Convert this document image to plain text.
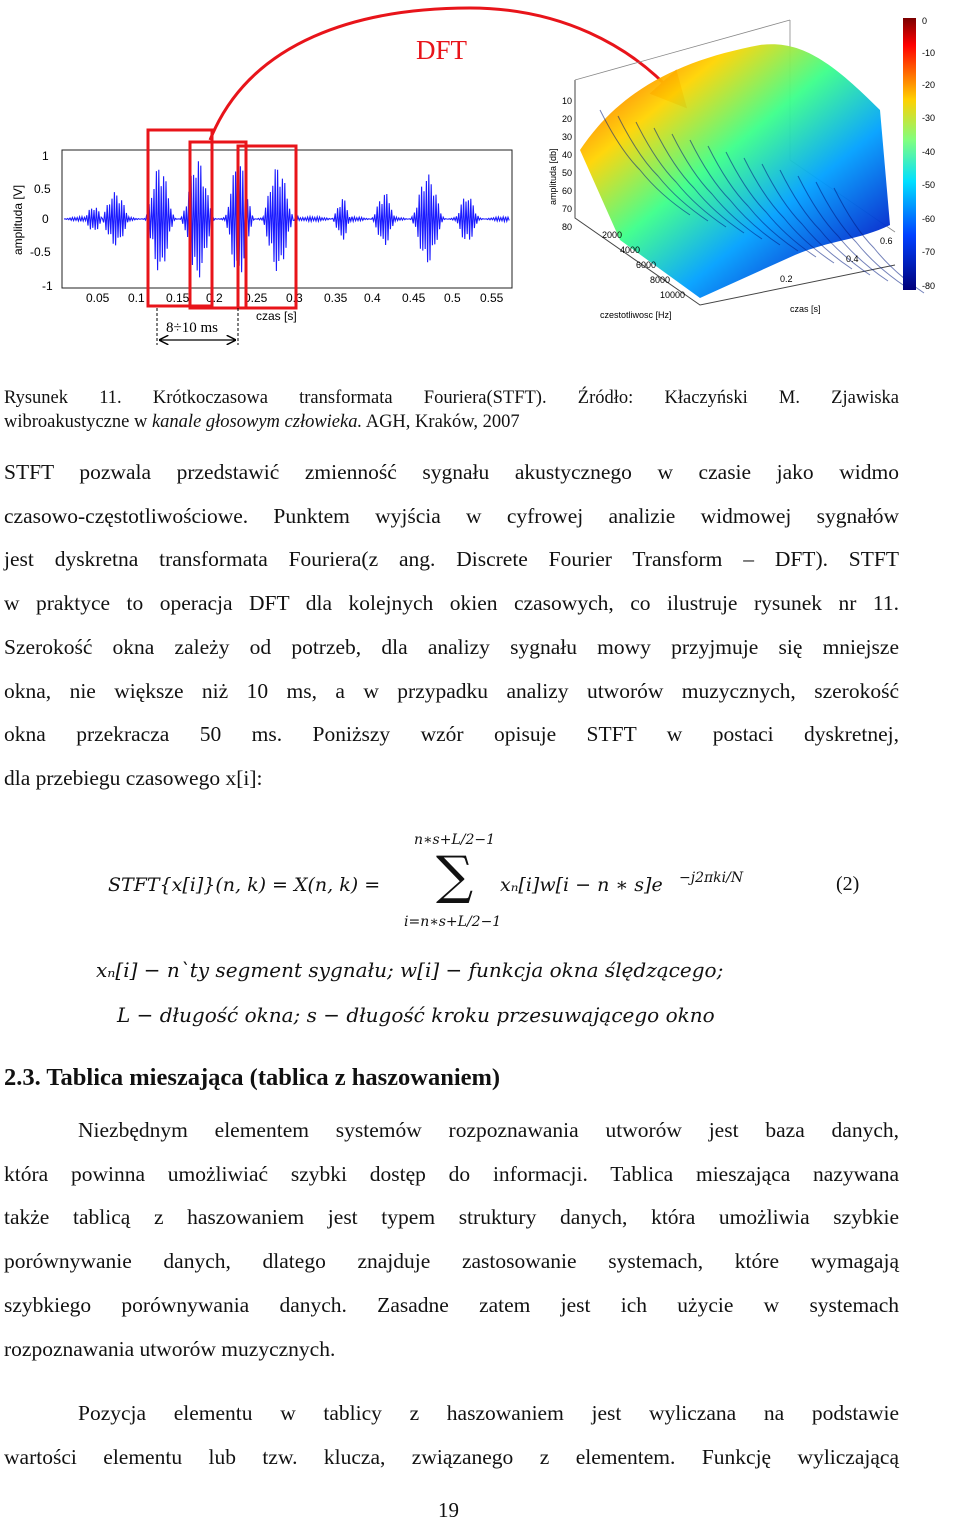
DFT
1
0.5
0
-0.5
-1
amplituda [V]
0.05 0.1 0.15 0.2 0.25 0.3 0.35 0.4 0.45 0.5 0.55
czas [s]
8÷10 ms
amplituda [db]
10
20
30
40
50
60
70
80
2000
4000
6000
8000
10000
czestotliwosc [Hz]
0.2
0.4
0.6
czas [s]
0
-10
-20
-30
-40
-50
-60
-70
-80
Rysunek 11. Krótkoczasowa transformata Fouriera(STFT). Źródło: Kłaczyński M. Zjawiska
wibroakustyczne w kanale głosowym człowieka. AGH, Kraków, 2007
STFT pozwala przedstawić zmienność sygnału akustycznego w czasie jako widmo
czasowo-częstotliwościowe. Punktem wyjścia w cyfrowej analizie widmowej sygnałów
jest dyskretna transformata Fouriera(z ang. Discrete Fourier Transform – DFT). STFT
w praktyce to operacja DFT dla kolejnych okien czasowych, co ilustruje rysunek nr 11.
Szerokość okna zależy od potrzeb, dla analizy sygnału mowy przyjmuje się mniejsze
okna, nie większe niż 10 ms, a w przypadku analizy utworów muzycznych, szerokość
okna przekracza 50 ms. Poniższy wzór opisuje STFT w postaci dyskretnej,
dla przebiegu czasowego x[i]:
STFT{x[i]}(n, k) = X(n, k) =
n∗s+L/2−1
∑
i=n∗s+L/2−1
xₙ[i]w[i − n ∗ s]e −j2πki/N	(2)
xₙ[i] − n`ty segment sygnału; w[i] − funkcja okna ślędzącego;
L − długość okna; s − długość kroku przesuwającego okno
2.3. Tablica mieszająca (tablica z haszowaniem)
Niezbędnym elementem systemów rozpoznawania utworów jest baza danych,
która powinna umożliwiać szybki dostęp do informacji. Tablica mieszająca nazywana
także tablicą z haszowaniem jest typem struktury danych, która umożliwia szybkie
porównywanie danych, dlatego znajduje zastosowanie systemach, które wymagają
szybkiego porównywania danych. Zasadne zatem jest ich użycie w systemach
rozpoznawania utworów muzycznych.
Pozycja elementu w tablicy z haszowaniem jest wyliczana na podstawie
wartości elementu lub tzw. klucza, związanego z elementem. Funkcję wyliczającą
19
